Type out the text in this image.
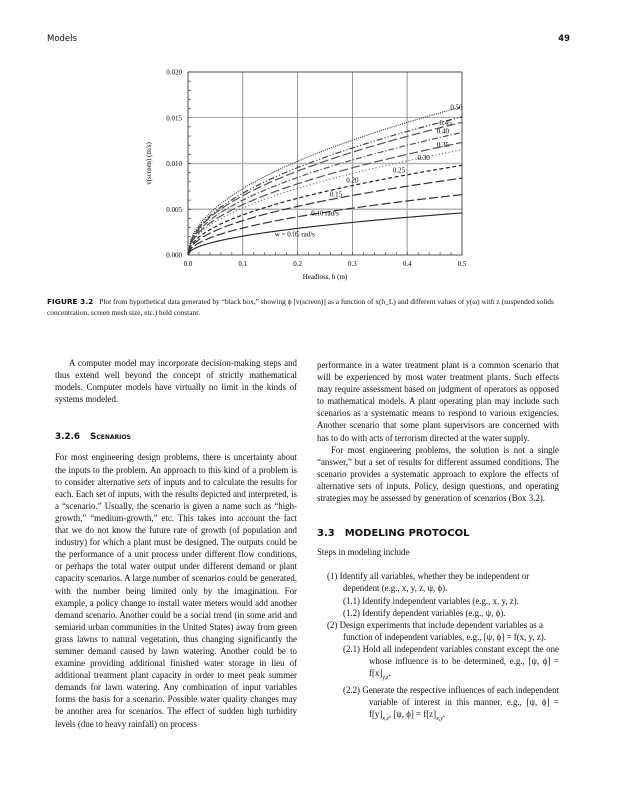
Models	49
0.0	0.1	0.2	0.3	0.4	0.5
0.000
0.005
0.010
0.015
0.020
Headloss, h (m)
v(screen) (m/s)
w = 0.05 rad/s
0.10 rad/s
0.15
0.20
0.25
0.30
0.35
0.40
0.45
0.50
FIGURE 3.2 Plot from hypothetical data generated by “black box,” showing ϕ [v(screen)] as a function of x(h_L) and different values of y(ω) with z (suspended solids concentration, screen mesh size, etc.) held constant.

A computer model may incorporate decision-making steps and thus extend well beyond the concept of strictly mathematical models. Computer models have virtually no limit in the kinds of systems modeled.

3.2.6 Scenarios

For most engineering design problems, there is uncertainty about the inputs to the problem. An approach to this kind of a problem is to consider alternative sets of inputs and to calculate the results for each. Each set of inputs, with the results depicted and interpreted, is a “scenario.” Usually, the scenario is given a name such as “high-growth,” “medium-growth,” etc. This takes into account the fact that we do not know the future rate of growth (of population and industry) for which a plant must be designed. The outputs could be the performance of a unit process under different flow conditions, or perhaps the total water output under different demand or plant capacity scenarios. A large number of scenarios could be generated, with the number being limited only by the imagination. For example, a policy change to install water meters would add another demand scenario. Another could be a social trend (in some arid and semiarid urban communities in the United States) away from green grass lawns to natural vegetation, thus changing significantly the summer demand caused by lawn watering. Another could be to examine providing additional finished water storage in lieu of additional treatment plant capacity in order to meet peak summer demands for lawn watering. Any combination of input variables forms the basis for a scenario. Possible water quality changes may be another area for scenarios. The effect of sudden high turbidity levels (due to heavy rainfall) on process

performance in a water treatment plant is a common scenario that will be experienced by most water treatment plants. Such effects may require assessment based on judgment of operators as opposed to mathematical models. A plant operating plan may include such scenarios as a systematic means to respond to various exigencies. Another scenario that some plant supervisors are concerned with has to do with acts of terrorism directed at the water supply.

For most engineering problems, the solution is not a single “answer,” but a set of results for different assumed conditions. The scenario provides a systematic approach to explore the effects of alternative sets of inputs. Policy, design questions, and operating strategies may be assessed by generation of scenarios (Box 3.2).

3.3 MODELING PROTOCOL

Steps in modeling include

(1) Identify all variables, whether they be independent or dependent (e.g., x, y, z, ψ, ϕ).
(1.1) Identify independent variables (e.g., x, y, z).
(1.2) Identify dependent variables (e.g., ψ, ϕ).
(2) Design experiments that include dependent variables as a function of independent variables, e.g., [ψ, ϕ] = f(x, y, z).
(2.1) Hold all independent variables constant except the one whose influence is to be determined, e.g., [ψ, $\phi] = f[x]_{y,z}$.
(2.2) Generate the respective influences of each independent variable of interest in this manner, e.g., [ψ, $\phi] = f[y]_{x,z}$, [ψ, $\phi] = f[z]_{x,y}$.
